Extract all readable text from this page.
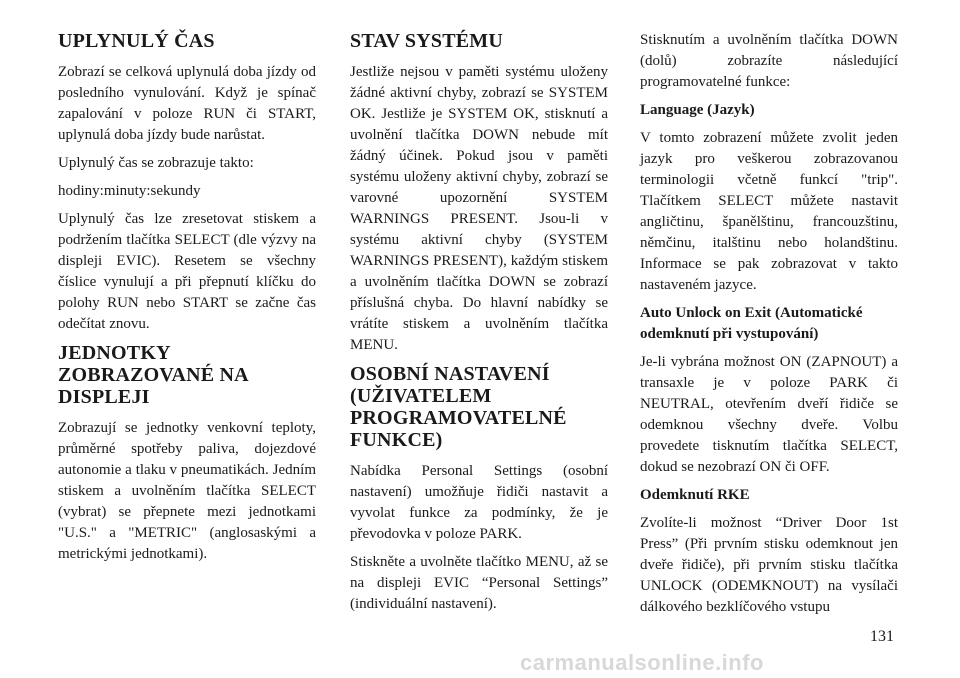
UPLYNULÝ ČAS

Zobrazí se celková uplynulá doba jízdy od posledního vynulování. Když je spínač zapalování v poloze RUN či START, uplynulá doba jízdy bude narůstat.

Uplynulý čas se zobrazuje takto:

hodiny:minuty:sekundy

Uplynulý čas lze zresetovat stiskem a podržením tlačítka SELECT (dle výzvy na displeji EVIC). Resetem se všechny číslice vynulují a při přepnutí klíčku do polohy RUN nebo START se začne čas odečítat znovu.

JEDNOTKY ZOBRAZOVANÉ NA DISPLEJI

Zobrazují se jednotky venkovní teploty, průměrné spotřeby paliva, dojezdové autonomie a tlaku v pneumatikách. Jedním stiskem a uvolněním tlačítka SELECT (vybrat) se přepnete mezi jednotkami "U.S." a "METRIC" (anglosaskými a metrickými jednotkami).

STAV SYSTÉMU

Jestliže nejsou v paměti systému uloženy žádné aktivní chyby, zobrazí se SYSTEM OK. Jestliže je SYSTEM OK, stisknutí a uvolnění tlačítka DOWN nebude mít žádný účinek. Pokud jsou v paměti systému uloženy aktivní chyby, zobrazí se varovné upozornění SYSTEM WARNINGS PRESENT. Jsou-li v systému aktivní chyby (SYSTEM WARNINGS PRESENT), každým stiskem a uvolněním tlačítka DOWN se zobrazí příslušná chyba. Do hlavní nabídky se vrátíte stiskem a uvolněním tlačítka MENU.

OSOBNÍ NASTAVENÍ (UŽIVATELEM PROGRAMOVATELNÉ FUNKCE)

Nabídka Personal Settings (osobní nastavení) umožňuje řidiči nastavit a vyvolat funkce za podmínky, že je převodovka v poloze PARK.

Stiskněte a uvolněte tlačítko MENU, až se na displeji EVIC “Personal Settings” (individuální nastavení).

Stisknutím a uvolněním tlačítka DOWN (dolů) zobrazíte následující programovatelné funkce:

Language (Jazyk)

V tomto zobrazení můžete zvolit jeden jazyk pro veškerou zobrazovanou terminologii včetně funkcí "trip". Tlačítkem SELECT můžete nastavit angličtinu, španělštinu, francouzštinu, němčinu, italštinu nebo holandštinu. Informace se pak zobrazovat v takto nastaveném jazyce.

Auto Unlock on Exit (Automatické odemknutí při vystupování)

Je-li vybrána možnost ON (ZAPNOUT) a transaxle je v poloze PARK či NEUTRAL, otevřením dveří řidiče se odemknou všechny dveře. Volbu provedete tisknutím tlačítka SELECT, dokud se nezobrazí ON či OFF.

Odemknutí RKE

Zvolíte-li možnost “Driver Door 1st Press” (Při prvním stisku odemknout jen dveře řidiče), při prvním stisku tlačítka UNLOCK (ODEMKNOUT) na vysílači dálkového bezklíčového vstupu

131
carmanualsonline.info
